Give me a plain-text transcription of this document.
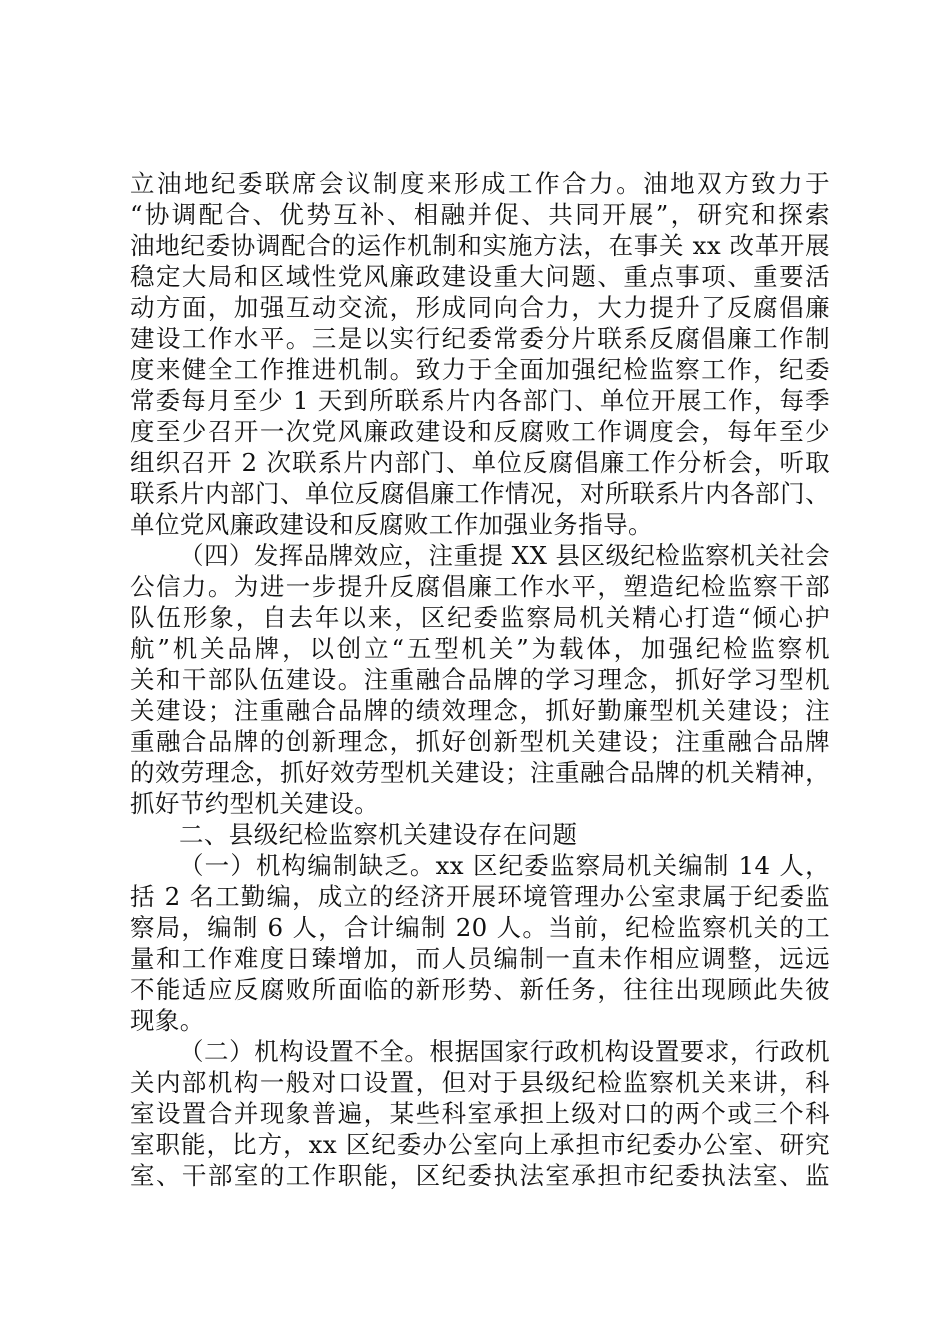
立油地纪委联席会议制度来形成工作合力。油地双方致力于
“协调配合、优势互补、相融并促、共同开展”，研究和探索
油地纪委协调配合的运作机制和实施方法，在事关 xx 改革开展
稳定大局和区域性党风廉政建设重大问题、重点事项、重要活
动方面，加强互动交流，形成同向合力，大力提升了反腐倡廉
建设工作水平。三是以实行纪委常委分片联系反腐倡廉工作制
度来健全工作推进机制。致力于全面加强纪检监察工作，纪委
常委每月至少 1 天到所联系片内各部门、单位开展工作，每季
度至少召开一次党风廉政建设和反腐败工作调度会，每年至少
组织召开 2 次联系片内部门、单位反腐倡廉工作分析会，听取
联系片内部门、单位反腐倡廉工作情况，对所联系片内各部门、
单位党风廉政建设和反腐败工作加强业务指导。
（四）发挥品牌效应，注重提 XX 县区级纪检监察机关社会
公信力。为进一步提升反腐倡廉工作水平，塑造纪检监察干部
队伍形象，自去年以来，区纪委监察局机关精心打造“倾心护
航”机关品牌，以创立“五型机关”为载体，加强纪检监察机
关和干部队伍建设。注重融合品牌的学习理念，抓好学习型机
关建设；注重融合品牌的绩效理念，抓好勤廉型机关建设；注
重融合品牌的创新理念，抓好创新型机关建设；注重融合品牌
的效劳理念，抓好效劳型机关建设；注重融合品牌的机关精神，
抓好节约型机关建设。
二、县级纪检监察机关建设存在问题
（一）机构编制缺乏。xx 区纪委监察局机关编制 14 人，
括 2 名工勤编，成立的经济开展环境管理办公室隶属于纪委监
察局，编制 6 人，合计编制 20 人。当前，纪检监察机关的工
量和工作难度日臻增加，而人员编制一直未作相应调整，远远
不能适应反腐败所面临的新形势、新任务，往往出现顾此失彼
现象。
（二）机构设置不全。根据国家行政机构设置要求，行政机
关内部机构一般对口设置，但对于县级纪检监察机关来讲，科
室设置合并现象普遍，某些科室承担上级对口的两个或三个科
室职能，比方，xx 区纪委办公室向上承担市纪委办公室、研究
室、干部室的工作职能，区纪委执法室承担市纪委执法室、监
